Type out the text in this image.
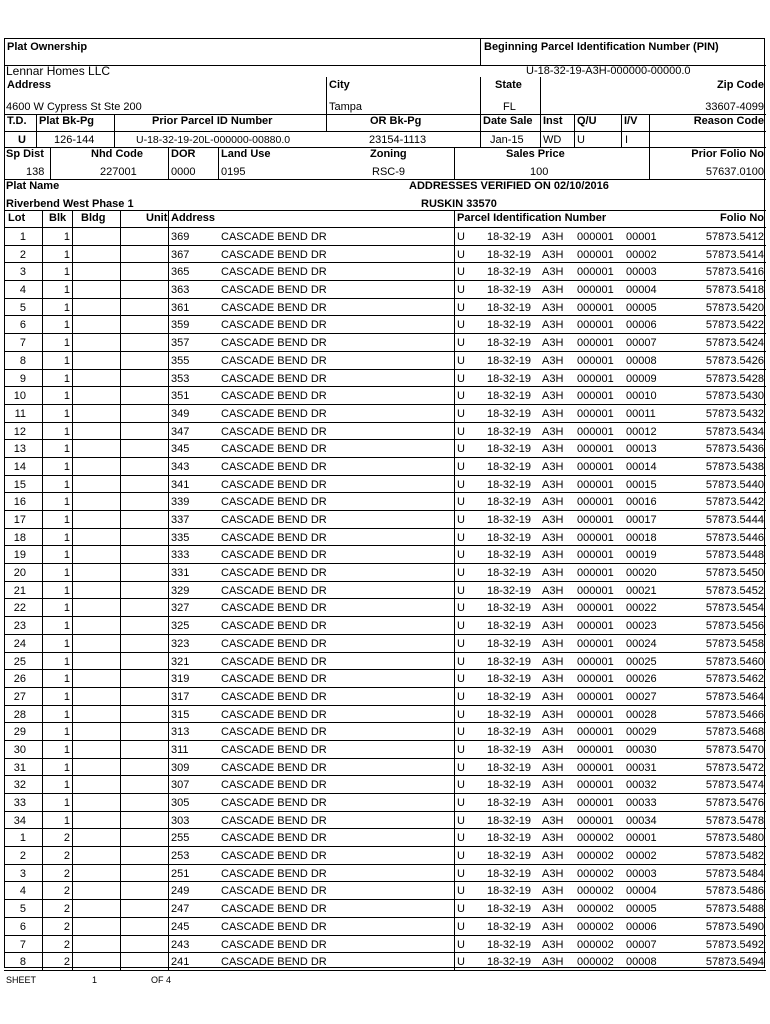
Plat Ownership
Lennar Homes LLC
Beginning Parcel Identification Number (PIN)
U-18-32-19-A3H-000000-00000.0
Address
4600 W Cypress St Ste 200
City
Tampa
State
FL
Zip Code
33607-4099
T.D.
U
Plat Bk-Pg
126-144
Prior Parcel ID Number
U-18-32-19-20L-000000-00880.0
OR Bk-Pg
23154-1113
Date Sale
Jan-15
Inst
WD
Q/U
U
I/V
I
Reason Code
Sp Dist
138
Nhd Code
227001
DOR
0000
Land Use
0195
Zoning
RSC-9
Sales Price
100
Prior Folio No
57637.0100
Plat Name	ADDRESSES VERIFIED ON 02/10/2016
Riverbend West Phase 1	RUSKIN 33570
Lot Blk Bldg	Unit Address	Parcel Identification Number	Folio No
1	1	369	CASCADE BEND DR	U 18-32-19 A3H 000001 00001	57873.5412
2	1	367	CASCADE BEND DR	U 18-32-19 A3H 000001 00002	57873.5414
3	1	365	CASCADE BEND DR	U 18-32-19 A3H 000001 00003	57873.5416
4	1	363	CASCADE BEND DR	U 18-32-19 A3H 000001 00004	57873.5418
5	1	361	CASCADE BEND DR	U 18-32-19 A3H 000001 00005	57873.5420
6	1	359	CASCADE BEND DR	U 18-32-19 A3H 000001 00006	57873.5422
7	1	357	CASCADE BEND DR	U 18-32-19 A3H 000001 00007	57873.5424
8	1	355	CASCADE BEND DR	U 18-32-19 A3H 000001 00008	57873.5426
9	1	353	CASCADE BEND DR	U 18-32-19 A3H 000001 00009	57873.5428
10	1	351	CASCADE BEND DR	U 18-32-19 A3H 000001 00010	57873.5430
11	1	349	CASCADE BEND DR	U 18-32-19 A3H 000001 00011	57873.5432
12	1	347	CASCADE BEND DR	U 18-32-19 A3H 000001 00012	57873.5434
13	1	345	CASCADE BEND DR	U 18-32-19 A3H 000001 00013	57873.5436
14	1	343	CASCADE BEND DR	U 18-32-19 A3H 000001 00014	57873.5438
15	1	341	CASCADE BEND DR	U 18-32-19 A3H 000001 00015	57873.5440
16	1	339	CASCADE BEND DR	U 18-32-19 A3H 000001 00016	57873.5442
17	1	337	CASCADE BEND DR	U 18-32-19 A3H 000001 00017	57873.5444
18	1	335	CASCADE BEND DR	U 18-32-19 A3H 000001 00018	57873.5446
19	1	333	CASCADE BEND DR	U 18-32-19 A3H 000001 00019	57873.5448
20	1	331	CASCADE BEND DR	U 18-32-19 A3H 000001 00020	57873.5450
21	1	329	CASCADE BEND DR	U 18-32-19 A3H 000001 00021	57873.5452
22	1	327	CASCADE BEND DR	U 18-32-19 A3H 000001 00022	57873.5454
23	1	325	CASCADE BEND DR	U 18-32-19 A3H 000001 00023	57873.5456
24	1	323	CASCADE BEND DR	U 18-32-19 A3H 000001 00024	57873.5458
25	1	321	CASCADE BEND DR	U 18-32-19 A3H 000001 00025	57873.5460
26	1	319	CASCADE BEND DR	U 18-32-19 A3H 000001 00026	57873.5462
27	1	317	CASCADE BEND DR	U 18-32-19 A3H 000001 00027	57873.5464
28	1	315	CASCADE BEND DR	U 18-32-19 A3H 000001 00028	57873.5466
29	1	313	CASCADE BEND DR	U 18-32-19 A3H 000001 00029	57873.5468
30	1	311	CASCADE BEND DR	U 18-32-19 A3H 000001 00030	57873.5470
31	1	309	CASCADE BEND DR	U 18-32-19 A3H 000001 00031	57873.5472
32	1	307	CASCADE BEND DR	U 18-32-19 A3H 000001 00032	57873.5474
33	1	305	CASCADE BEND DR	U 18-32-19 A3H 000001 00033	57873.5476
34	1	303	CASCADE BEND DR	U 18-32-19 A3H 000001 00034	57873.5478
1	2	255	CASCADE BEND DR	U 18-32-19 A3H 000002 00001	57873.5480
2	2	253	CASCADE BEND DR	U 18-32-19 A3H 000002 00002	57873.5482
3	2	251	CASCADE BEND DR	U 18-32-19 A3H 000002 00003	57873.5484
4	2	249	CASCADE BEND DR	U 18-32-19 A3H 000002 00004	57873.5486
5	2	247	CASCADE BEND DR	U 18-32-19 A3H 000002 00005	57873.5488
6	2	245	CASCADE BEND DR	U 18-32-19 A3H 000002 00006	57873.5490
7	2	243	CASCADE BEND DR	U 18-32-19 A3H 000002 00007	57873.5492
8	2	241	CASCADE BEND DR	U 18-32-19 A3H 000002 00008	57873.5494
SHEET	1	OF 4
